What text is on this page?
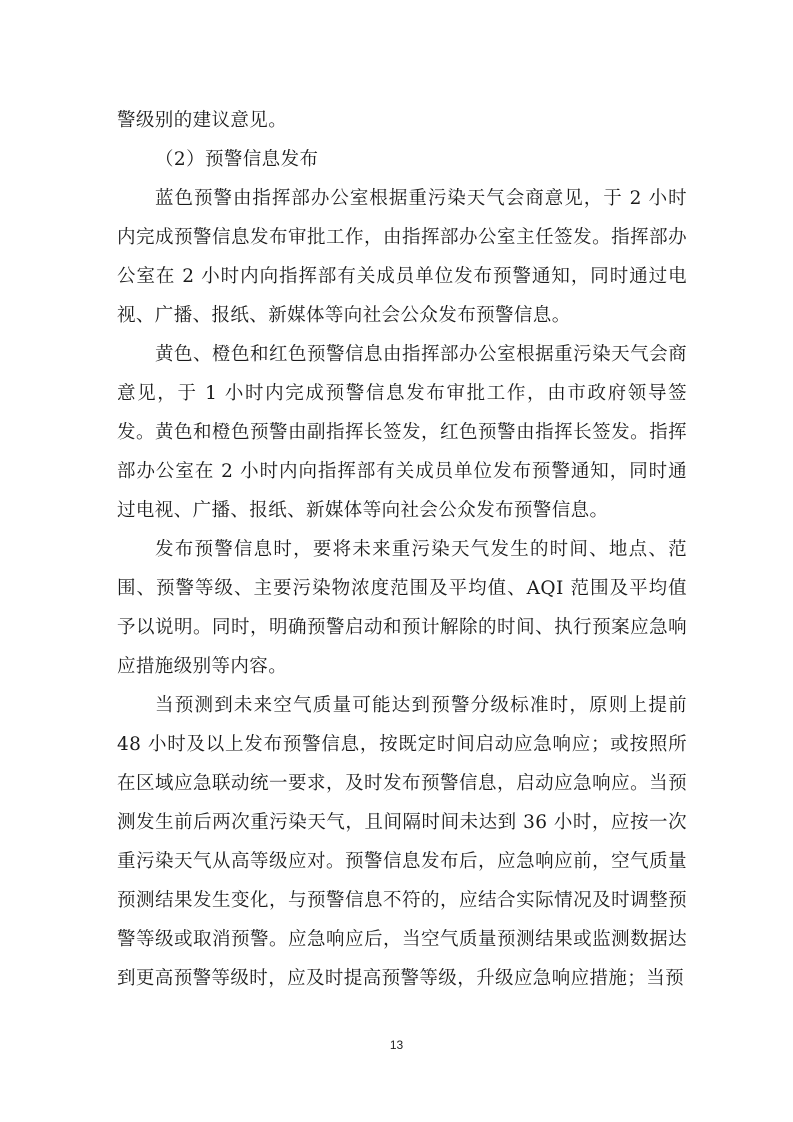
警级别的建议意见。

（2）预警信息发布

蓝色预警由指挥部办公室根据重污染天气会商意见，于 2 小时内完成预警信息发布审批工作，由指挥部办公室主任签发。指挥部办公室在 2 小时内向指挥部有关成员单位发布预警通知，同时通过电视、广播、报纸、新媒体等向社会公众发布预警信息。

黄色、橙色和红色预警信息由指挥部办公室根据重污染天气会商意见，于 1 小时内完成预警信息发布审批工作，由市政府领导签发。黄色和橙色预警由副指挥长签发，红色预警由指挥长签发。指挥部办公室在 2 小时内向指挥部有关成员单位发布预警通知，同时通过电视、广播、报纸、新媒体等向社会公众发布预警信息。

发布预警信息时，要将未来重污染天气发生的时间、地点、范围、预警等级、主要污染物浓度范围及平均值、AQI 范围及平均值予以说明。同时，明确预警启动和预计解除的时间、执行预案应急响应措施级别等内容。

当预测到未来空气质量可能达到预警分级标准时，原则上提前 48 小时及以上发布预警信息，按既定时间启动应急响应；或按照所在区域应急联动统一要求，及时发布预警信息，启动应急响应。当预测发生前后两次重污染天气，且间隔时间未达到 36 小时，应按一次重污染天气从高等级应对。预警信息发布后，应急响应前，空气质量预测结果发生变化，与预警信息不符的，应结合实际情况及时调整预警等级或取消预警。应急响应后，当空气质量预测结果或监测数据达到更高预警等级时，应及时提高预警等级，升级应急响应措施；当预

13
